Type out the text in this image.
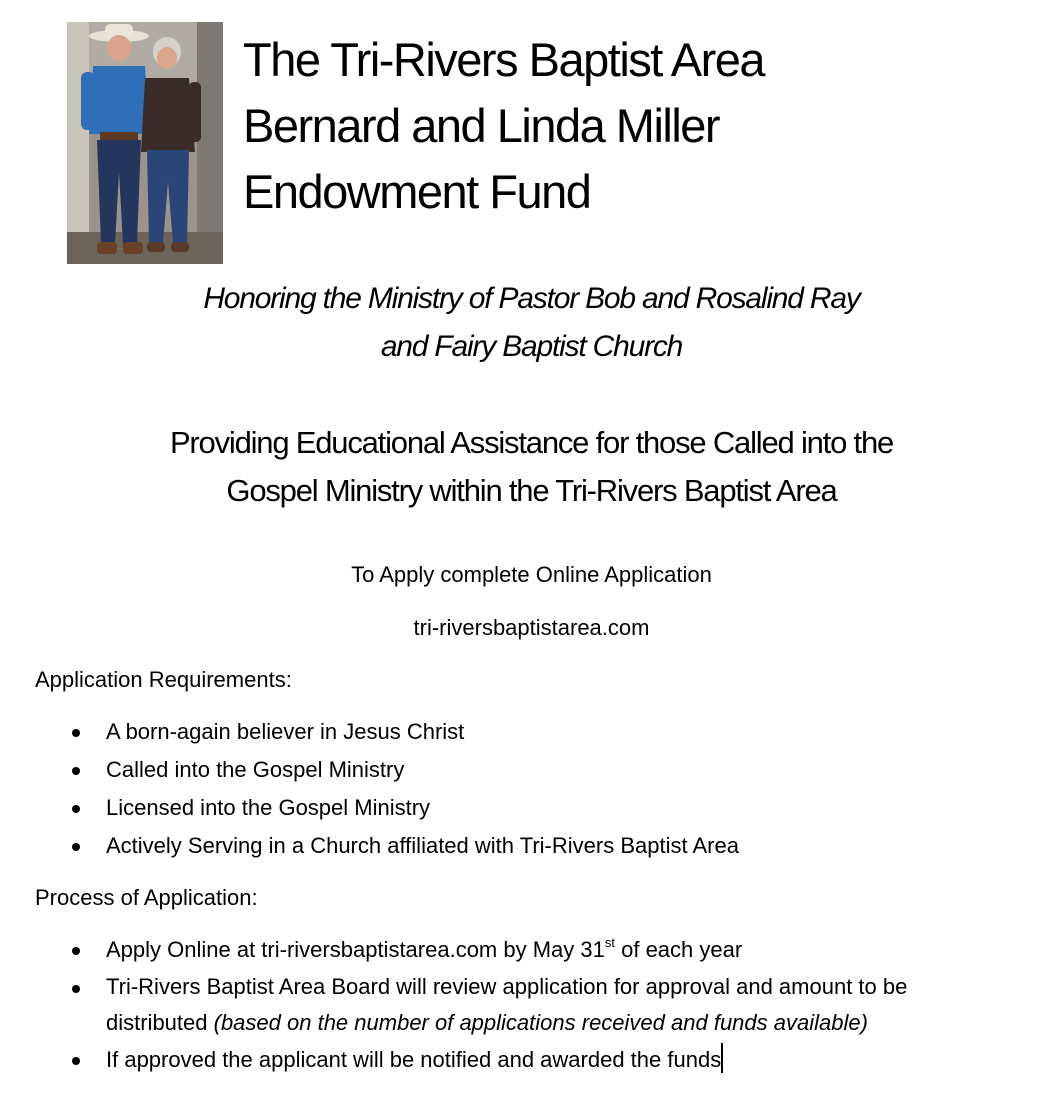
The Tri-Rivers Baptist Area
Bernard and Linda Miller
Endowment Fund
Honoring the Ministry of Pastor Bob and Rosalind Ray
and Fairy Baptist Church
Providing Educational Assistance for those Called into the
Gospel Ministry within the Tri-Rivers Baptist Area
To Apply complete Online Application
tri-riversbaptistarea.com
Application Requirements:
A born-again believer in Jesus Christ
Called into the Gospel Ministry
Licensed into the Gospel Ministry
Actively Serving in a Church affiliated with Tri-Rivers Baptist Area
Process of Application:
Apply Online at tri-riversbaptistarea.com by May 31st of each year
Tri-Rivers Baptist Area Board will review application for approval and amount to be
distributed (based on the number of applications received and funds available)
If approved the applicant will be notified and awarded the funds
